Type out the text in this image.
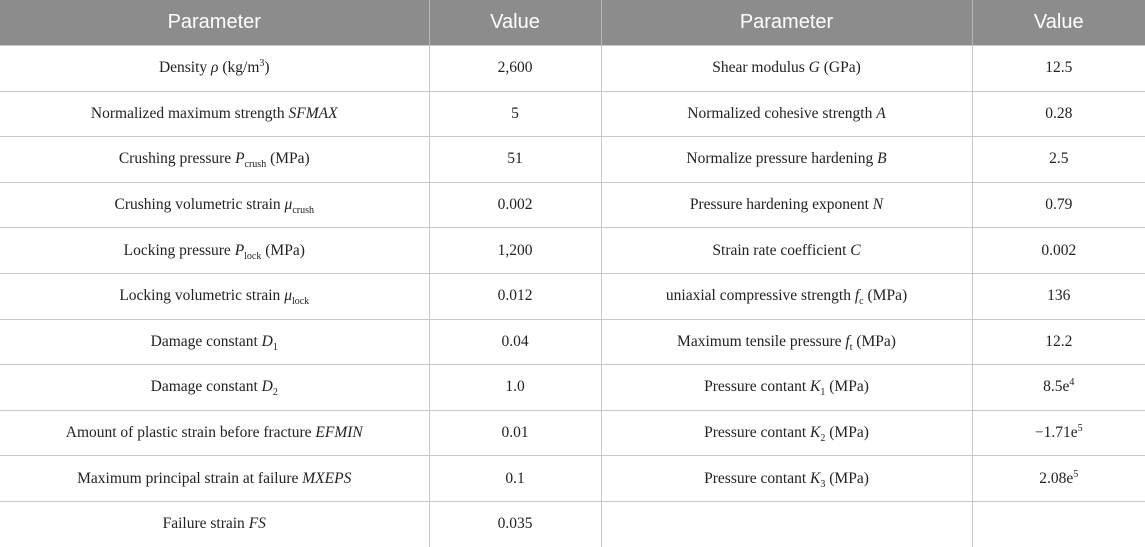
Parameter	Value	Parameter	Value
Density ρ $(kg/m^3)$	2,600	Shear modulus G (GPa)	12.5
Normalized maximum strength SFMAX	5	Normalized cohesive strength A	0.28
Crushing pressure $P_{crush}$ (MPa)	51	Normalize pressure hardening B	2.5
Crushing volumetric strain $\mu_{crush}$	0.002	Pressure hardening exponent N	0.79
Locking pressure $P_{lock}$ (MPa)	1,200	Strain rate coefficient C	0.002
Locking volumetric strain $\mu_{lock}$	0.012	uniaxial compressive strength $f_c$ (MPa)	136
Damage constant $D_1$	0.04	Maximum tensile pressure $f_t$ (MPa)	12.2
Damage constant $D_2$	1.0	Pressure contant $K_1$ (MPa)	$8.5e^4$
Amount of plastic strain before fracture EFMIN	0.01	Pressure contant $K_2$ (MPa)	$-1.71e^5$
Maximum principal strain at failure MXEPS	0.1	Pressure contant $K_3$ (MPa)	$2.08e^5$
Failure strain FS	0.035		
